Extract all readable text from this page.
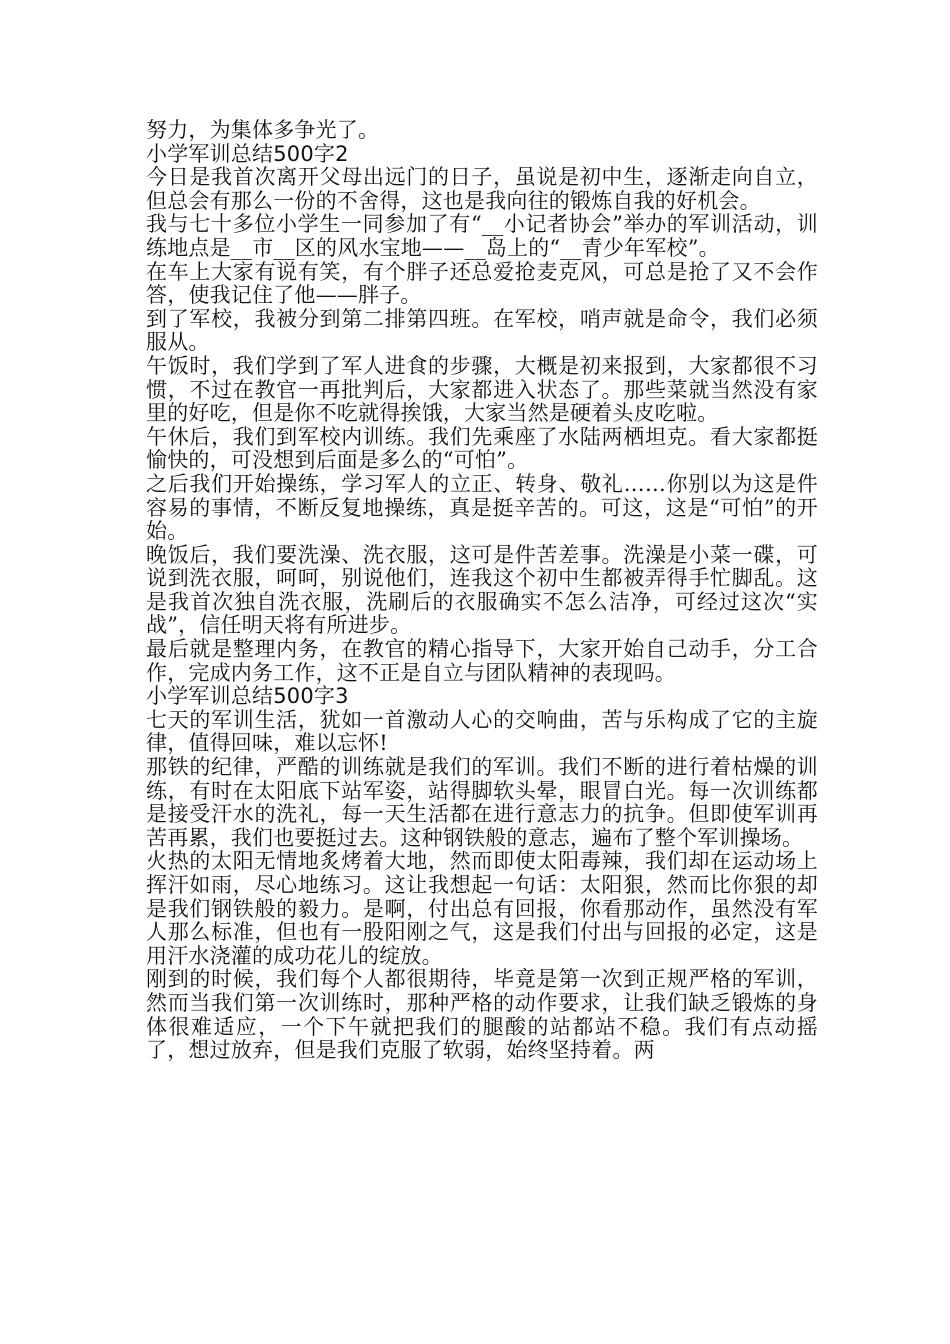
努力，为集体多争光了。

小学军训总结500字2

今日是我首次离开父母出远门的日子，虽说是初中生，逐渐走向自立，但总会有那么一份的不舍得，这也是我向往的锻炼自我的好机会。

我与七十多位小学生一同参加了有“__小记者协会”举办的军训活动，训练地点是__市__区的风水宝地——__岛上的“__青少年军校”。

在车上大家有说有笑，有个胖子还总爱抢麦克风，可总是抢了又不会作答，使我记住了他——胖子。

到了军校，我被分到第二排第四班。在军校，哨声就是命令，我们必须服从。

午饭时，我们学到了军人进食的步骤，大概是初来报到，大家都很不习惯，不过在教官一再批判后，大家都进入状态了。那些菜就当然没有家里的好吃，但是你不吃就得挨饿，大家当然是硬着头皮吃啦。

午休后，我们到军校内训练。我们先乘座了水陆两栖坦克。看大家都挺愉快的，可没想到后面是多么的“可怕”。

之后我们开始操练，学习军人的立正、转身、敬礼……你别以为这是件容易的事情，不断反复地操练，真是挺辛苦的。可这，这是“可怕”的开始。

晚饭后，我们要洗澡、洗衣服，这可是件苦差事。洗澡是小菜一碟，可说到洗衣服，呵呵，别说他们，连我这个初中生都被弄得手忙脚乱。这是我首次独自洗衣服，洗刷后的衣服确实不怎么洁净，可经过这次“实战”，信任明天将有所进步。

最后就是整理内务，在教官的精心指导下，大家开始自己动手，分工合作，完成内务工作，这不正是自立与团队精神的表现吗。

小学军训总结500字3

七天的军训生活，犹如一首激动人心的交响曲，苦与乐构成了它的主旋律，值得回味，难以忘怀!

那铁的纪律，严酷的训练就是我们的军训。我们不断的进行着枯燥的训练，有时在太阳底下站军姿，站得脚软头晕，眼冒白光。每一次训练都是接受汗水的洗礼，每一天生活都在进行意志力的抗争。但即使军训再苦再累，我们也要挺过去。这种钢铁般的意志，遍布了整个军训操场。

火热的太阳无情地炙烤着大地，然而即使太阳毒辣，我们却在运动场上挥汗如雨，尽心地练习。这让我想起一句话：太阳狠，然而比你狠的却是我们钢铁般的毅力。是啊，付出总有回报，你看那动作，虽然没有军人那么标准，但也有一股阳刚之气，这是我们付出与回报的必定，这是用汗水浇灌的成功花儿的绽放。

刚到的时候，我们每个人都很期待，毕竟是第一次到正规严格的军训，然而当我们第一次训练时，那种严格的动作要求，让我们缺乏锻炼的身体很难适应，一个下午就把我们的腿酸的站都站不稳。我们有点动摇了，想过放弃，但是我们克服了软弱，始终坚持着。两
